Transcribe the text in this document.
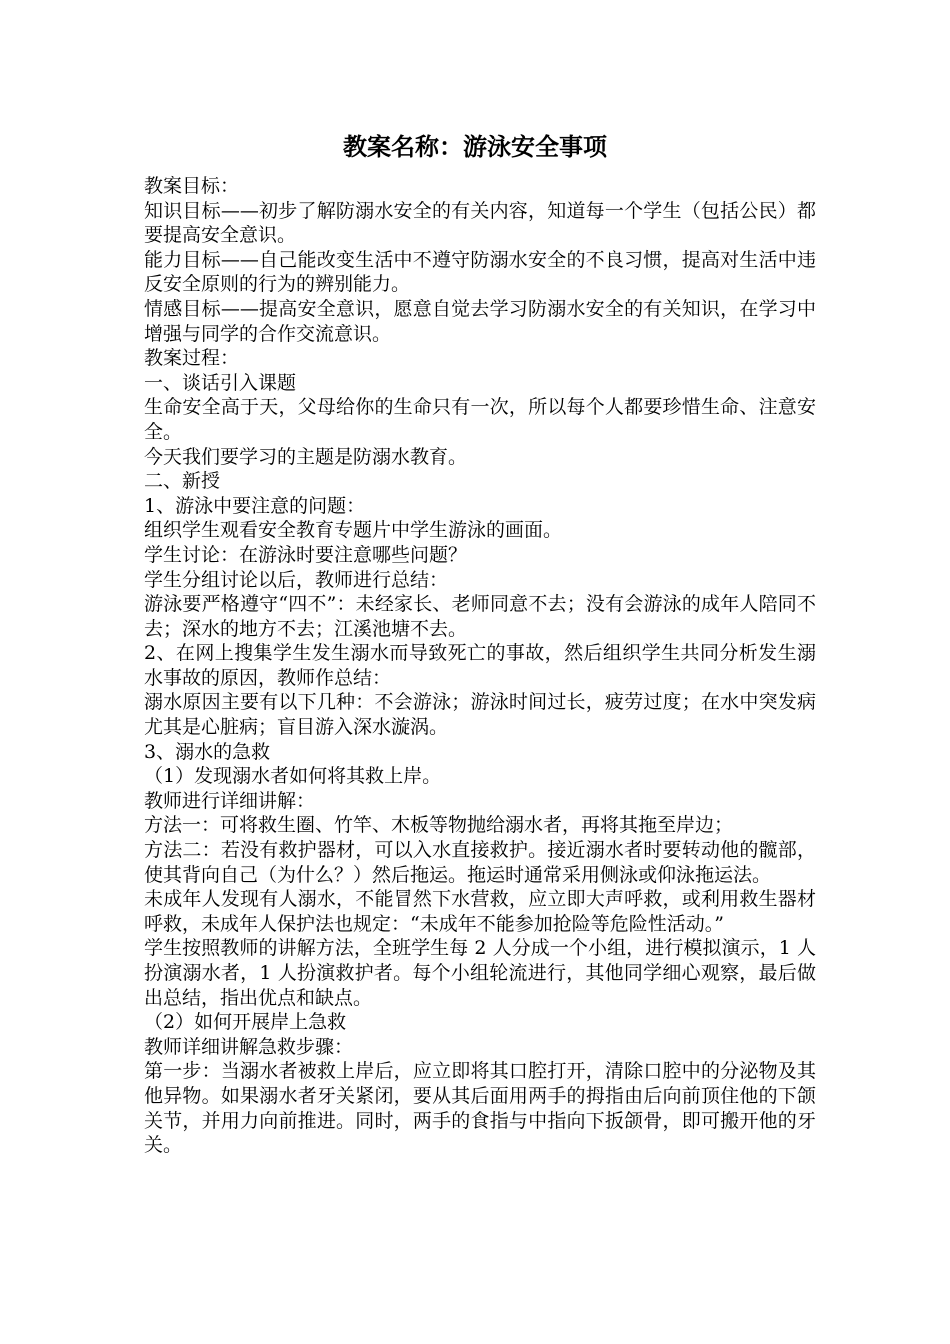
教案名称：游泳安全事项

教案目标：

知识目标——初步了解防溺水安全的有关内容，知道每一个学生（包括公民）都要提高安全意识。

能力目标——自己能改变生活中不遵守防溺水安全的不良习惯，提高对生活中违反安全原则的行为的辨别能力。

情感目标——提高安全意识，愿意自觉去学习防溺水安全的有关知识，在学习中增强与同学的合作交流意识。

教案过程：

一、谈话引入课题

生命安全高于天，父母给你的生命只有一次，所以每个人都要珍惜生命、注意安全。

今天我们要学习的主题是防溺水教育。

二、新授

1、游泳中要注意的问题：

组织学生观看安全教育专题片中学生游泳的画面。

学生讨论：在游泳时要注意哪些问题？

学生分组讨论以后，教师进行总结：

游泳要严格遵守“四不”：未经家长、老师同意不去；没有会游泳的成年人陪同不去；深水的地方不去；江溪池塘不去。

2、在网上搜集学生发生溺水而导致死亡的事故，然后组织学生共同分析发生溺水事故的原因，教师作总结：

溺水原因主要有以下几种：不会游泳；游泳时间过长，疲劳过度；在水中突发病尤其是心脏病；盲目游入深水漩涡。

3、溺水的急救

（1）发现溺水者如何将其救上岸。

教师进行详细讲解：

方法一：可将救生圈、竹竿、木板等物抛给溺水者，再将其拖至岸边；

方法二：若没有救护器材，可以入水直接救护。接近溺水者时要转动他的髋部，使其背向自己（为什么？）然后拖运。拖运时通常采用侧泳或仰泳拖运法。

未成年人发现有人溺水，不能冒然下水营救，应立即大声呼救，或利用救生器材呼救，未成年人保护法也规定：“未成年不能参加抢险等危险性活动。”

学生按照教师的讲解方法，全班学生每 2 人分成一个小组，进行模拟演示，1 人扮演溺水者，1 人扮演救护者。每个小组轮流进行，其他同学细心观察，最后做出总结，指出优点和缺点。

（2）如何开展岸上急救

教师详细讲解急救步骤：

第一步：当溺水者被救上岸后，应立即将其口腔打开，清除口腔中的分泌物及其他异物。如果溺水者牙关紧闭，要从其后面用两手的拇指由后向前顶住他的下颌关节，并用力向前推进。同时，两手的食指与中指向下扳颌骨，即可搬开他的牙关。
